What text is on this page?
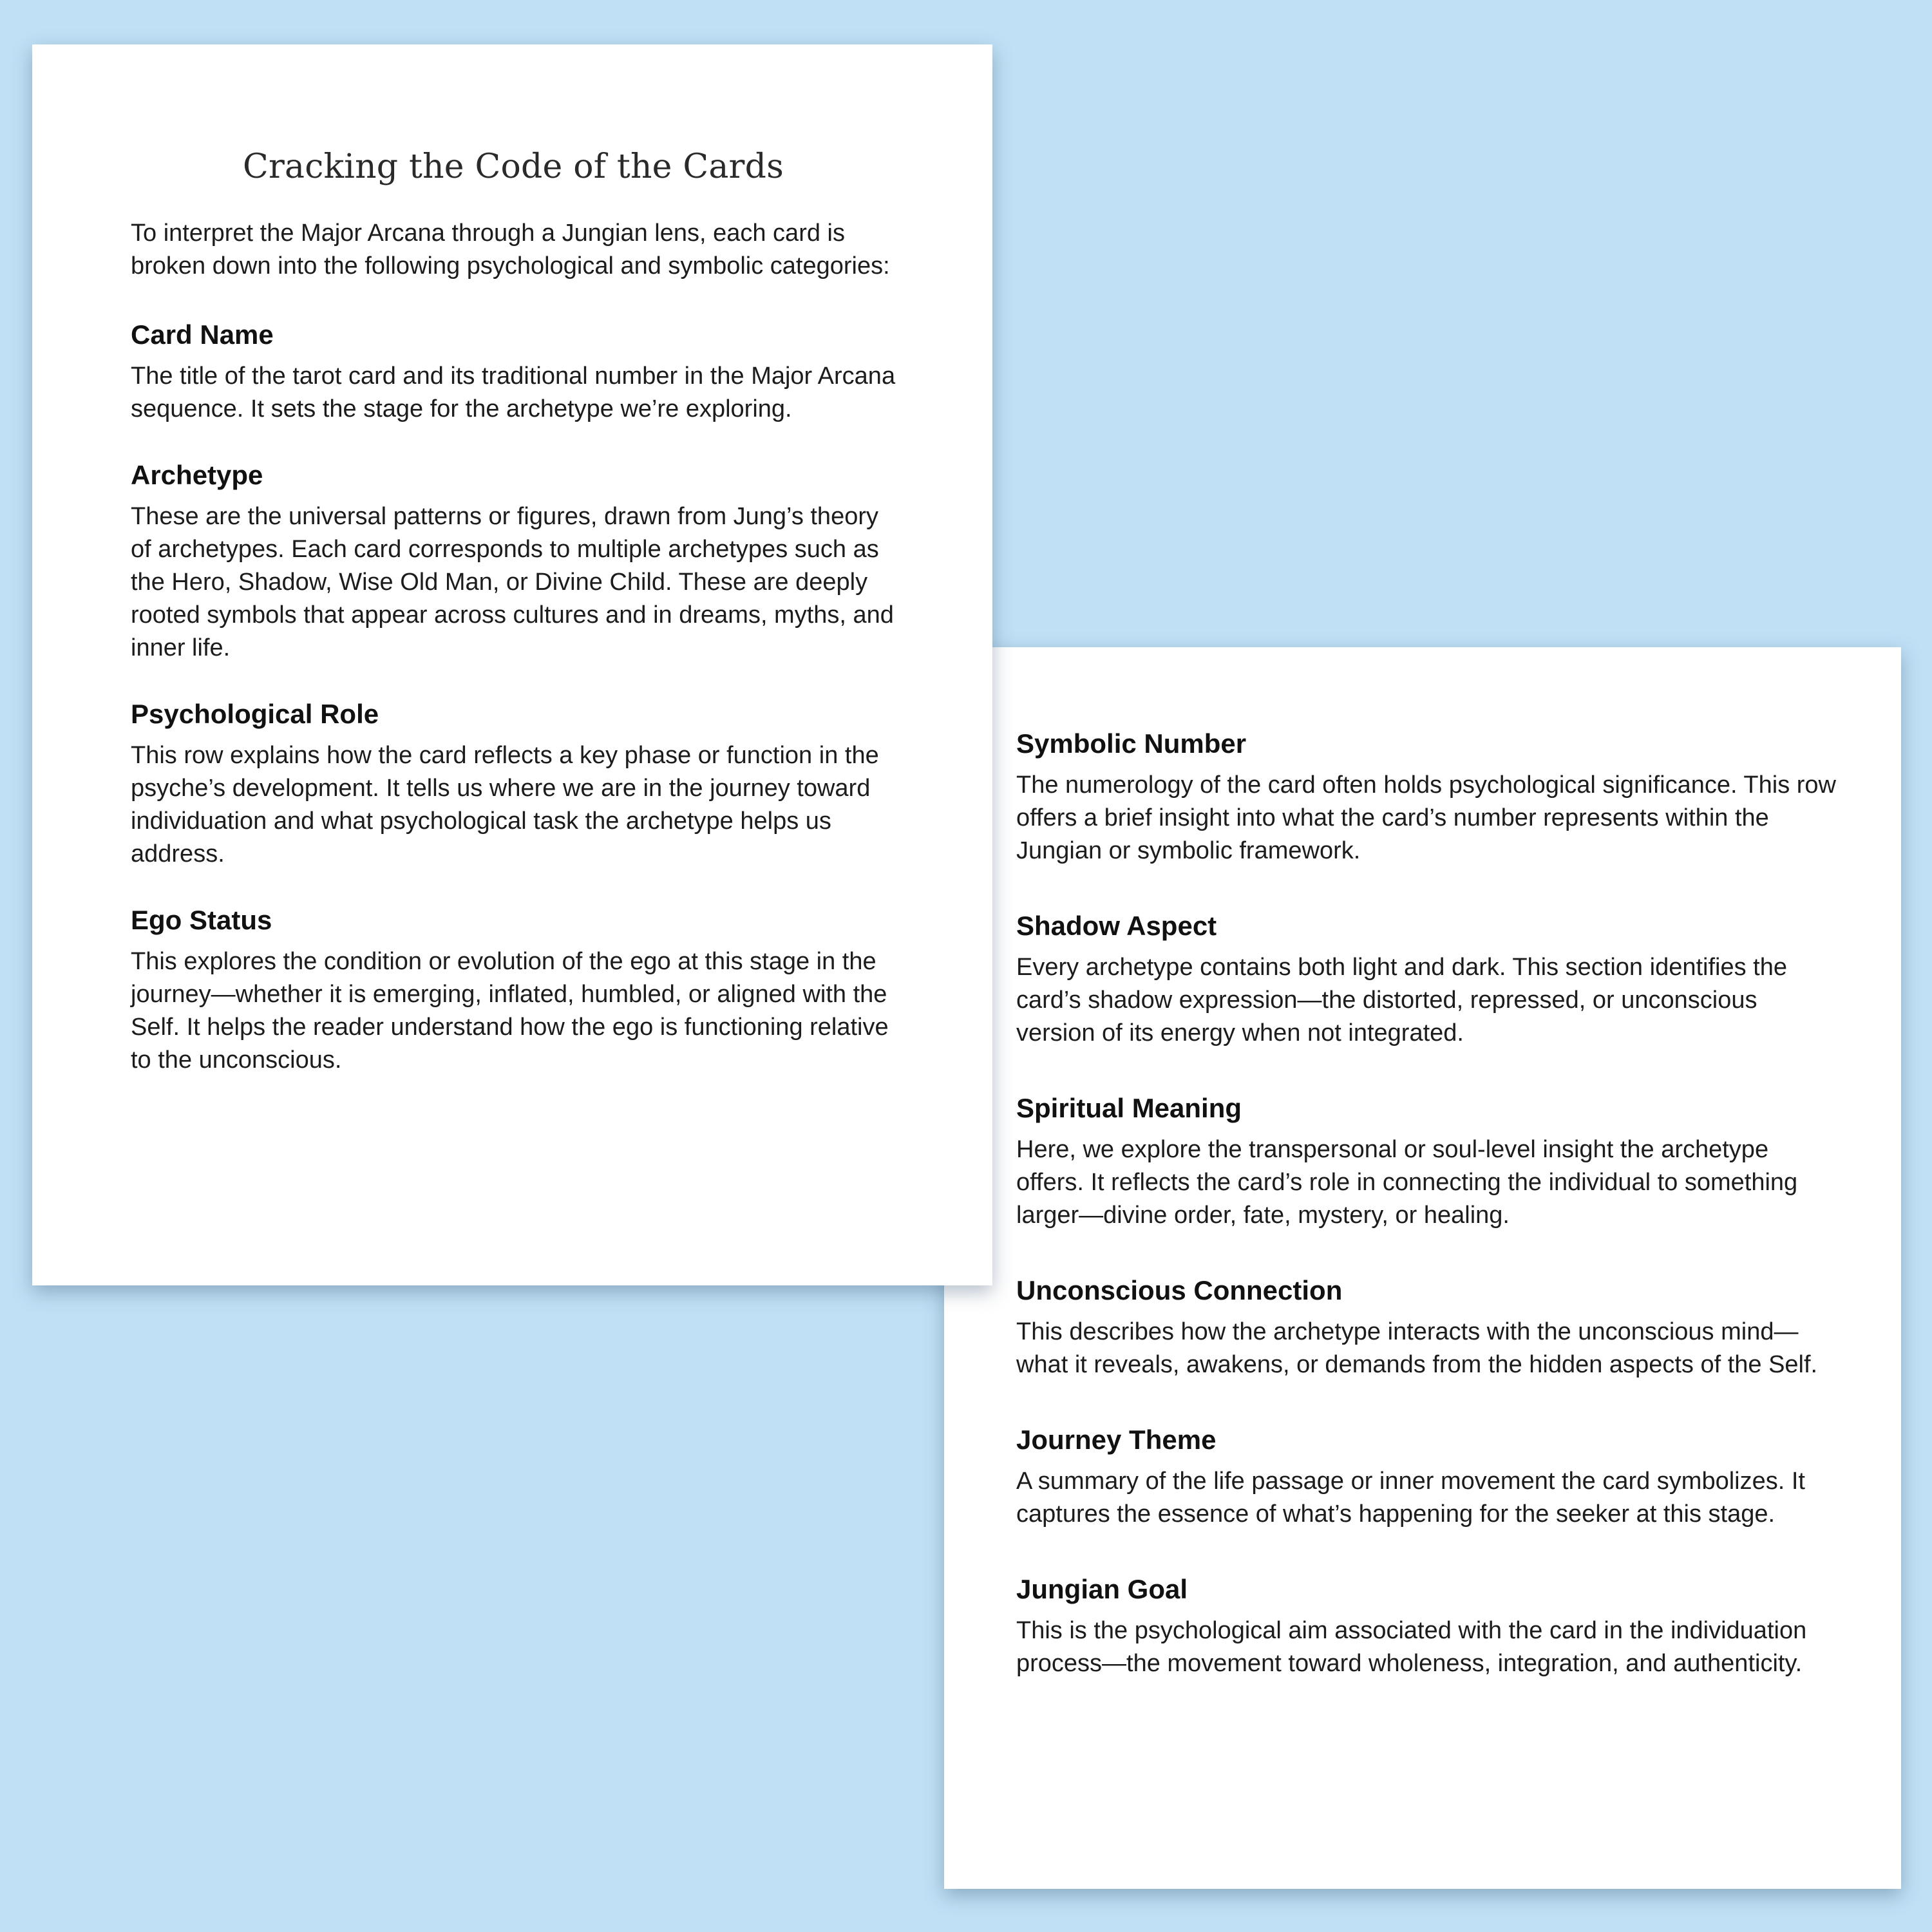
Symbolic Number

The numerology of the card often holds psychological significance. This row offers a brief insight into what the card’s number represents within the Jungian or symbolic framework.

Shadow Aspect

Every archetype contains both light and dark. This section identifies the card’s shadow expression—the distorted, repressed, or unconscious version of its energy when not integrated.

Spiritual Meaning

Here, we explore the transpersonal or soul-level insight the archetype offers. It reflects the card’s role in connecting the individual to something larger—divine order, fate, mystery, or healing.

Unconscious Connection

This describes how the archetype interacts with the unconscious mind—what it reveals, awakens, or demands from the hidden aspects of the Self.

Journey Theme

A summary of the life passage or inner movement the card symbolizes. It captures the essence of what’s happening for the seeker at this stage.

Jungian Goal

This is the psychological aim associated with the card in the individuation process—the movement toward wholeness, integration, and authenticity.

Cracking the Code of the Cards

To interpret the Major Arcana through a Jungian lens, each card is broken down into the following psychological and symbolic categories:

Card Name

The title of the tarot card and its traditional number in the Major Arcana sequence. It sets the stage for the archetype we’re exploring.

Archetype

These are the universal patterns or figures, drawn from Jung’s theory of archetypes. Each card corresponds to multiple archetypes such as the Hero, Shadow, Wise Old Man, or Divine Child. These are deeply rooted symbols that appear across cultures and in dreams, myths, and inner life.

Psychological Role

This row explains how the card reflects a key phase or function in the psyche’s development. It tells us where we are in the journey toward individuation and what psychological task the archetype helps us address.

Ego Status

This explores the condition or evolution of the ego at this stage in the journey—whether it is emerging, inflated, humbled, or aligned with the Self. It helps the reader understand how the ego is functioning relative to the unconscious.
